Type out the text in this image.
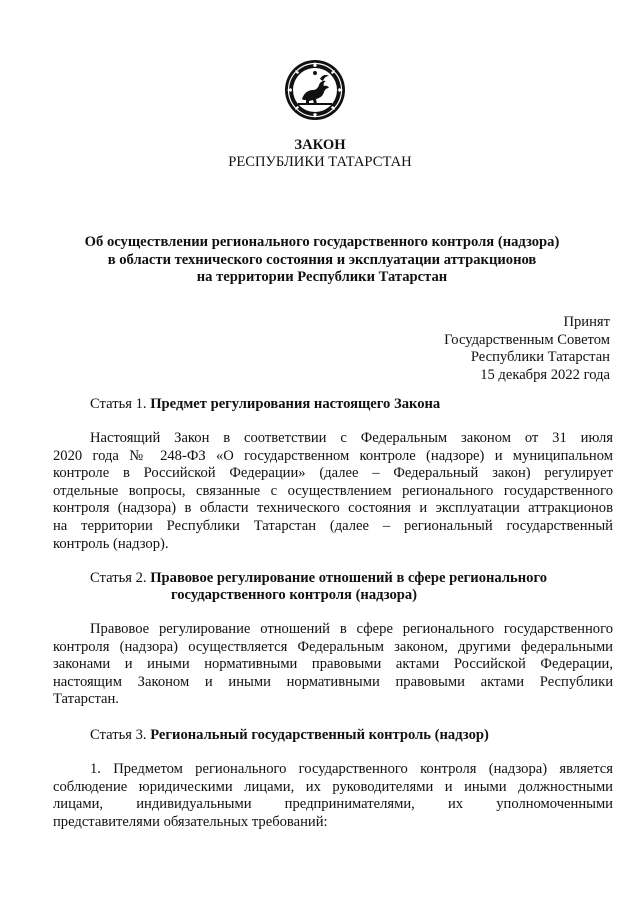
ЗАКОН
РЕСПУБЛИКИ ТАТАРСТАН
Об осуществлении регионального государственного контроля (надзора)
в области технического состояния и эксплуатации аттракционов
на территории Республики Татарстан
Принят
Государственным Советом
Республики Татарстан
15 декабря 2022 года
Статья 1. Предмет регулирования настоящего Закона
Настоящий Закон в соответствии с Федеральным законом от 31 июля
2020 года № 248-ФЗ «О государственном контроле (надзоре) и муниципальном
контроле в Российской Федерации» (далее – Федеральный закон) регулирует
отдельные вопросы, связанные с осуществлением регионального государственного
контроля (надзора) в области технического состояния и эксплуатации аттракционов
на территории Республики Татарстан (далее – региональный государственный
контроль (надзор).
Статья 2. Правовое регулирование отношений в сфере регионального
государственного контроля (надзора)
Правовое регулирование отношений в сфере регионального государственного
контроля (надзора) осуществляется Федеральным законом, другими федеральными
законами и иными нормативными правовыми актами Российской Федерации,
настоящим Законом и иными нормативными правовыми актами Республики
Татарстан.
Статья 3. Региональный государственный контроль (надзор)
1. Предметом регионального государственного контроля (надзора) является
соблюдение юридическими лицами, их руководителями и иными должностными
лицами, индивидуальными предпринимателями, их уполномоченными
представителями обязательных требований:
